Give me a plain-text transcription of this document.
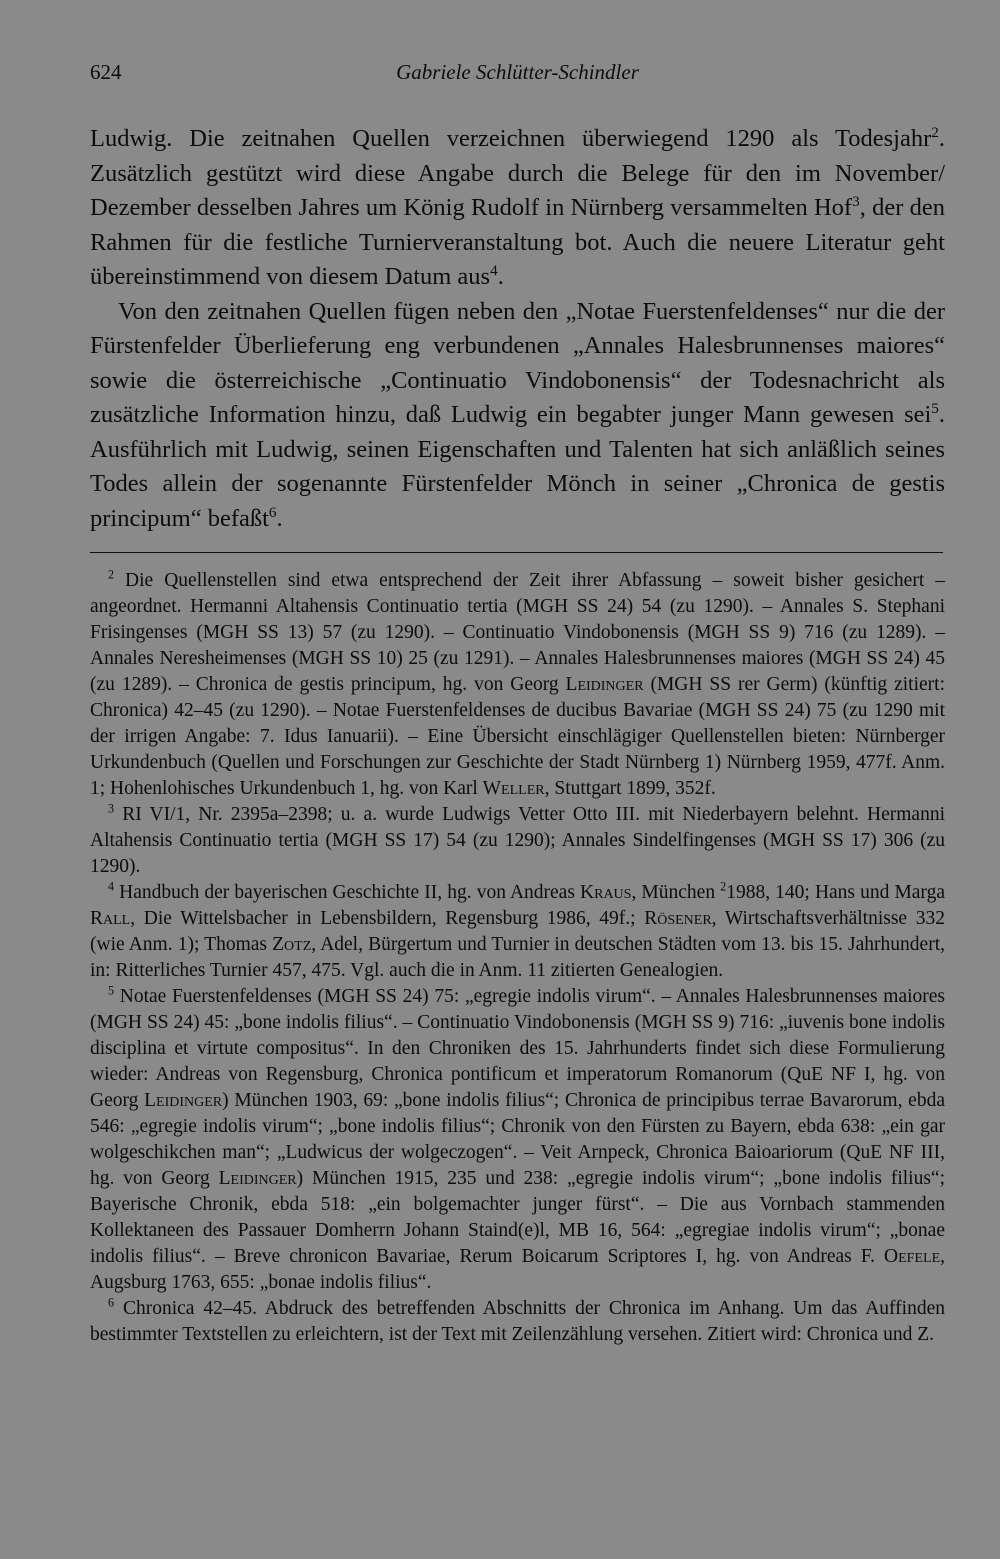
624	Gabriele Schlütter-Schindler

Ludwig. Die zeitnahen Quellen verzeichnen überwiegend 1290 als Todesjahr$^2$. Zusätzlich gestützt wird diese Angabe durch die Belege für den im November/ Dezember desselben Jahres um König Rudolf in Nürnberg versammelten Hof$^3$, der den Rahmen für die festliche Turnierveranstaltung bot. Auch die neuere Literatur geht übereinstimmend von diesem Datum aus$^4$.

Von den zeitnahen Quellen fügen neben den „Notae Fuerstenfeldenses“ nur die der Fürstenfelder Überlieferung eng verbundenen „Annales Halesbrunnenses maiores“ sowie die österreichische „Continuatio Vindobonensis“ der Todesnachricht als zusätzliche Information hinzu, daß Ludwig ein begabter junger Mann gewesen sei$^5$. Ausführlich mit Ludwig, seinen Eigenschaften und Talenten hat sich anläßlich seines Todes allein der sogenannte Fürstenfelder Mönch in seiner „Chronica de gestis principum“ befaßt$^6$.

$^2$ Die Quellenstellen sind etwa entsprechend der Zeit ihrer Abfassung – soweit bisher gesichert – angeordnet. Hermanni Altahensis Continuatio tertia (MGH SS 24) 54 (zu 1290). – Annales S. Stephani Frisingenses (MGH SS 13) 57 (zu 1290). – Continuatio Vindobonensis (MGH SS 9) 716 (zu 1289). – Annales Neresheimenses (MGH SS 10) 25 (zu 1291). – Annales Halesbrunnenses maiores (MGH SS 24) 45 (zu 1289). – Chronica de gestis principum, hg. von Georg Leidinger (MGH SS rer Germ) (künftig zitiert: Chronica) 42–45 (zu 1290). – Notae Fuerstenfeldenses de ducibus Bavariae (MGH SS 24) 75 (zu 1290 mit der irrigen Angabe: 7. Idus Ianuarii). – Eine Übersicht einschlägiger Quellenstellen bieten: Nürnberger Urkundenbuch (Quellen und Forschungen zur Geschichte der Stadt Nürnberg 1) Nürnberg 1959, 477f. Anm. 1; Hohenlohisches Urkundenbuch 1, hg. von Karl Weller, Stuttgart 1899, 352f.

$^3$ RI VI/1, Nr. 2395a–2398; u. a. wurde Ludwigs Vetter Otto III. mit Niederbayern belehnt. Hermanni Altahensis Continuatio tertia (MGH SS 17) 54 (zu 1290); Annales Sindelfingenses (MGH SS 17) 306 (zu 1290).

$^4$ Handbuch der bayerischen Geschichte II, hg. von Andreas Kraus, München $^2$1988, 140; Hans und Marga Rall, Die Wittelsbacher in Lebensbildern, Regensburg 1986, 49f.; Rösener, Wirtschaftsverhältnisse 332 (wie Anm. 1); Thomas Zotz, Adel, Bürgertum und Turnier in deutschen Städten vom 13. bis 15. Jahrhundert, in: Ritterliches Turnier 457, 475. Vgl. auch die in Anm. 11 zitierten Genealogien.

$^5$ Notae Fuerstenfeldenses (MGH SS 24) 75: „egregie indolis virum“. – Annales Halesbrunnenses maiores (MGH SS 24) 45: „bone indolis filius“. – Continuatio Vindobonensis (MGH SS 9) 716: „iuvenis bone indolis disciplina et virtute compositus“. In den Chroniken des 15. Jahrhunderts findet sich diese Formulierung wieder: Andreas von Regensburg, Chronica pontificum et imperatorum Romanorum (QuE NF I, hg. von Georg Leidinger) München 1903, 69: „bone indolis filius“; Chronica de principibus terrae Bavarorum, ebda 546: „egregie indolis virum“; „bone indolis filius“; Chronik von den Fürsten zu Bayern, ebda 638: „ein gar wolgeschikchen man“; „Ludwicus der wolgeczogen“. – Veit Arnpeck, Chronica Baioariorum (QuE NF III, hg. von Georg Leidinger) München 1915, 235 und 238: „egregie indolis virum“; „bone indolis filius“; Bayerische Chronik, ebda 518: „ein bolgemachter junger fürst“. – Die aus Vornbach stammenden Kollektaneen des Passauer Domherrn Johann Staind(e)l, MB 16, 564: „egregiae indolis virum“; „bonae indolis filius“. – Breve chronicon Bavariae, Rerum Boicarum Scriptores I, hg. von Andreas F. Oefele, Augsburg 1763, 655: „bonae indolis filius“.

$^6$ Chronica 42–45. Abdruck des betreffenden Abschnitts der Chronica im Anhang. Um das Auffinden bestimmter Textstellen zu erleichtern, ist der Text mit Zeilenzählung versehen. Zitiert wird: Chronica und Z.
